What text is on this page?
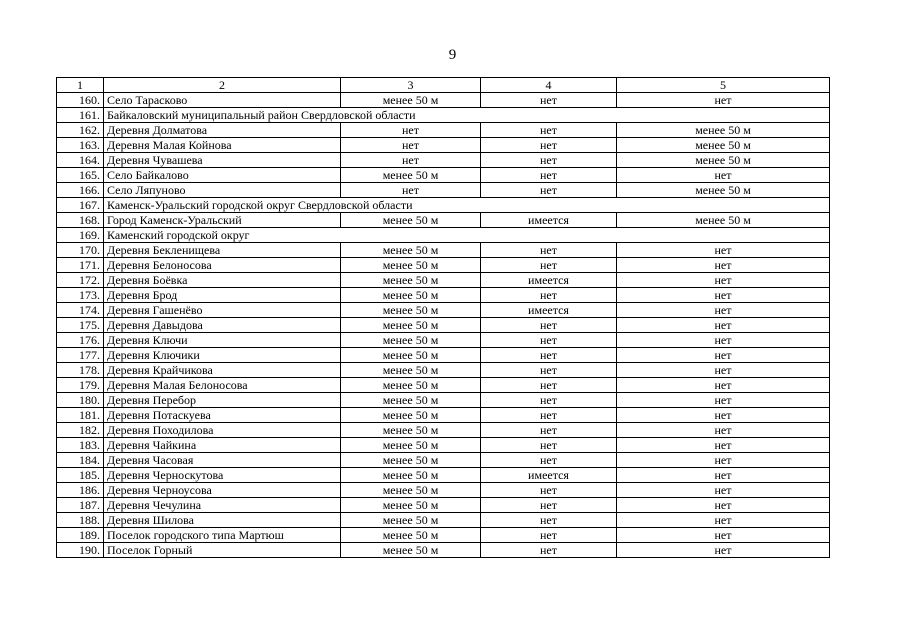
9
1	2	3	4	5
160.	Село Тарасково	менее 50 м	нет	нет
161.	Байкаловский муниципальный район Свердловской области			
162.	Деревня Долматова	нет	нет	менее 50 м
163.	Деревня Малая Койнова	нет	нет	менее 50 м
164.	Деревня Чувашева	нет	нет	менее 50 м
165.	Село Байкалово	менее 50 м	нет	нет
166.	Село Ляпуново	нет	нет	менее 50 м
167.	Каменск-Уральский городской округ Свердловской области			
168.	Город Каменск-Уральский	менее 50 м	имеется	менее 50 м
169.	Каменский городской округ			
170.	Деревня Бекленищева	менее 50 м	нет	нет
171.	Деревня Белоносова	менее 50 м	нет	нет
172.	Деревня Боёвка	менее 50 м	имеется	нет
173.	Деревня Брод	менее 50 м	нет	нет
174.	Деревня Гашенёво	менее 50 м	имеется	нет
175.	Деревня Давыдова	менее 50 м	нет	нет
176.	Деревня Ключи	менее 50 м	нет	нет
177.	Деревня Ключики	менее 50 м	нет	нет
178.	Деревня Крайчикова	менее 50 м	нет	нет
179.	Деревня Малая Белоносова	менее 50 м	нет	нет
180.	Деревня Перебор	менее 50 м	нет	нет
181.	Деревня Потаскуева	менее 50 м	нет	нет
182.	Деревня Походилова	менее 50 м	нет	нет
183.	Деревня Чайкина	менее 50 м	нет	нет
184.	Деревня Часовая	менее 50 м	нет	нет
185.	Деревня Черноскутова	менее 50 м	имеется	нет
186.	Деревня Черноусова	менее 50 м	нет	нет
187.	Деревня Чечулина	менее 50 м	нет	нет
188.	Деревня Шилова	менее 50 м	нет	нет
189.	Поселок городского типа Мартюш	менее 50 м	нет	нет
190.	Поселок Горный	менее 50 м	нет	нет
